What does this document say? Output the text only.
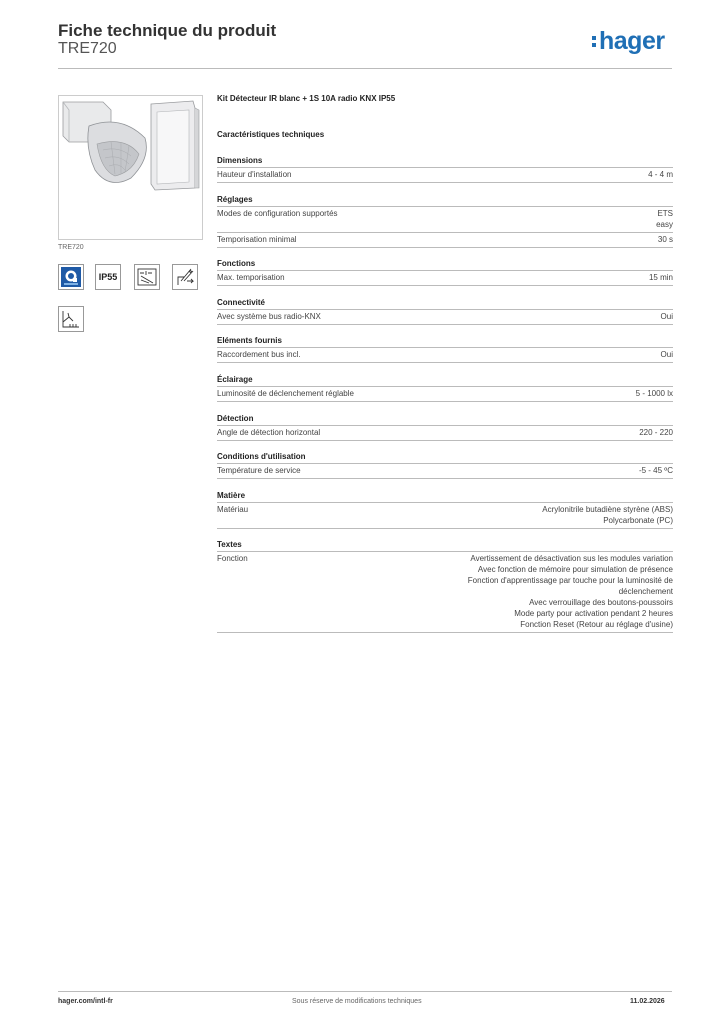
Fiche technique du produit
TRE720	hager
TRE720
IP55
Kit Détecteur IR blanc + 1S 10A radio KNX IP55
Caractéristiques techniques
Dimensions
Hauteur d'installation	4 - 4 m
Réglages
Modes de configuration supportés	ETS
easy
Temporisation minimal	30 s
Fonctions
Max. temporisation	15 min
Connectivité
Avec système bus radio-KNX	Oui
Eléments fournis
Raccordement bus incl.	Oui
Éclairage
Luminosité de déclenchement réglable	5 - 1000 lx
Détection
Angle de détection horizontal	220 - 220
Conditions d'utilisation
Température de service	-5 - 45 ºC
Matière
Matériau	Acrylonitrile butadiène styrène (ABS)
Polycarbonate (PC)
Textes
Fonction	Avertissement de désactivation sus les modules variation
Avec fonction de mémoire pour simulation de présence
Fonction d'apprentissage par touche pour la luminosité de
déclenchement
Avec verrouillage des boutons-poussoirs
Mode party pour activation pendant 2 heures
Fonction Reset (Retour au réglage d'usine)
hager.com/intl-fr	Sous réserve de modifications techniques	11.02.2026
